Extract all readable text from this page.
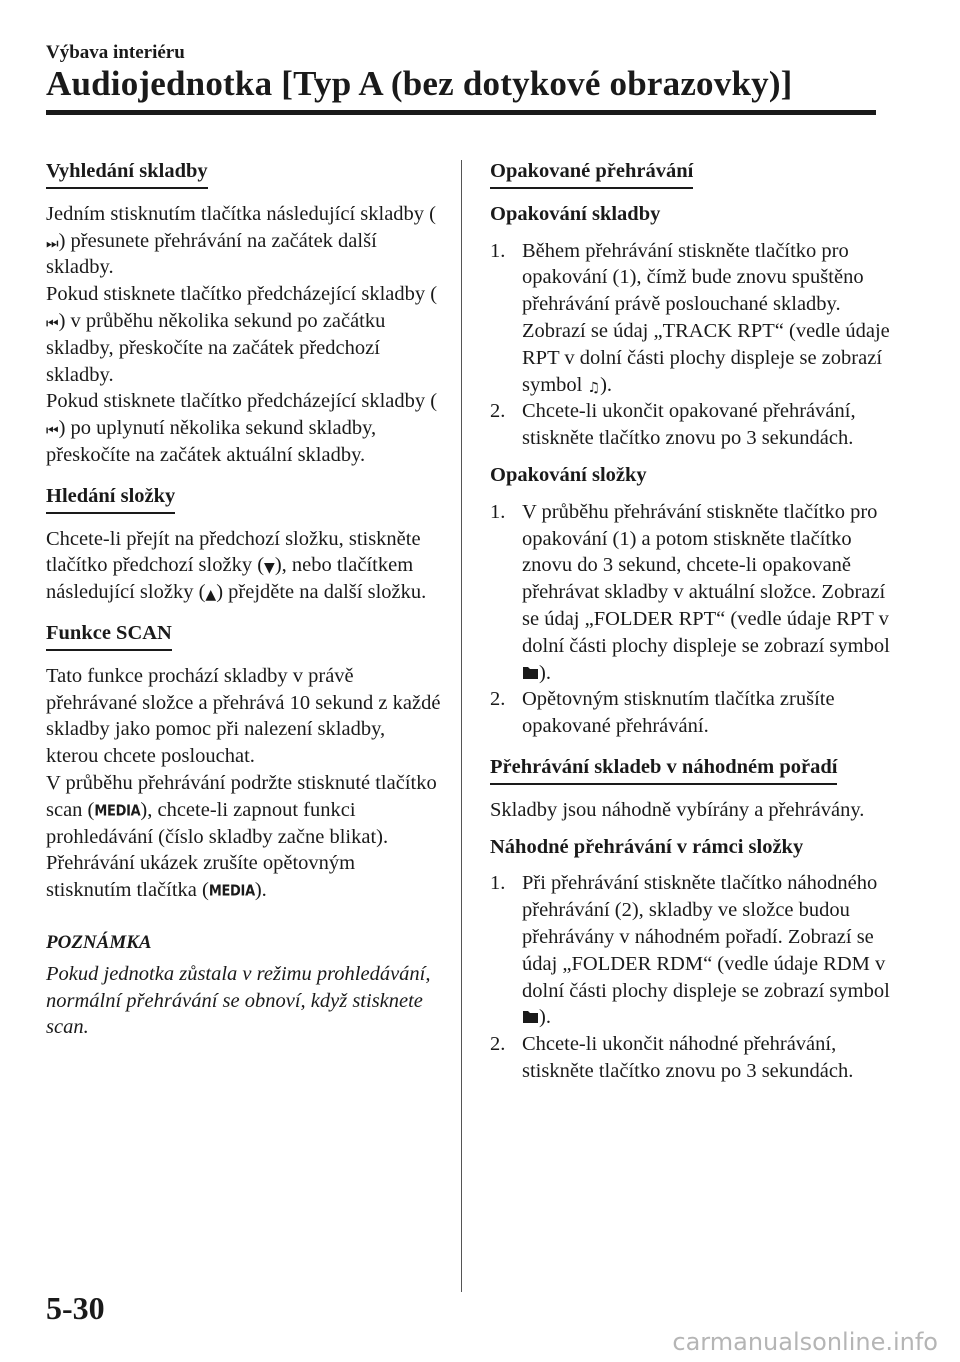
Výbava interiéru
Audiojednotka [Typ A (bez dotykové obrazovky)]

Vyhledání skladby

Jedním stisknutím tlačítka následující skladby (⏭) přesunete přehrávání na začátek další skladby.

Pokud stisknete tlačítko předcházející skladby (⏮) v průběhu několika sekund po začátku skladby, přeskočíte na začátek předchozí skladby.

Pokud stisknete tlačítko předcházející skladby (⏮) po uplynutí několika sekund skladby, přeskočíte na začátek aktuální skladby.

Hledání složky

Chcete-li přejít na předchozí složku, stiskněte tlačítko předchozí složky (▼), nebo tlačítkem následující složky (▲) přejděte na další složku.

Funkce SCAN

Tato funkce prochází skladby v právě přehrávané složce a přehrává 10 sekund z každé skladby jako pomoc při nalezení skladby, kterou chcete poslouchat.

V průběhu přehrávání podržte stisknuté tlačítko scan (MEDIA), chcete-li zapnout funkci prohledávání (číslo skladby začne blikat). Přehrávání ukázek zrušíte opětovným stisknutím tlačítka (MEDIA).

POZNÁMKA

Pokud jednotka zůstala v režimu prohledávání, normální přehrávání se obnoví, když stisknete scan.

Opakované přehrávání

Opakování skladby

1. Během přehrávání stiskněte tlačítko pro opakování (1), čímž bude znovu spuštěno přehrávání právě poslouchané skladby. Zobrazí se údaj „TRACK RPT“ (vedle údaje RPT v dolní části plochy displeje se zobrazí symbol ♫).
2. Chcete-li ukončit opakované přehrávání, stiskněte tlačítko znovu po 3 sekundách.

Opakování složky

1. V průběhu přehrávání stiskněte tlačítko pro opakování (1) a potom stiskněte tlačítko znovu do 3 sekund, chcete-li opakovaně přehrávat skladby v aktuální složce. Zobrazí se údaj „FOLDER RPT“ (vedle údaje RPT v dolní části plochy displeje se zobrazí symbol ).
2. Opětovným stisknutím tlačítka zrušíte opakované přehrávání.

Přehrávání skladeb v náhodném pořadí

Skladby jsou náhodně vybírány a přehrávány.

Náhodné přehrávání v rámci složky

1. Při přehrávání stiskněte tlačítko náhodného přehrávání (2), skladby ve složce budou přehrávány v náhodném pořadí. Zobrazí se údaj „FOLDER RDM“ (vedle údaje RDM v dolní části plochy displeje se zobrazí symbol ).
2. Chcete-li ukončit náhodné přehrávání, stiskněte tlačítko znovu po 3 sekundách.
5-30
carmanualsonline.info
